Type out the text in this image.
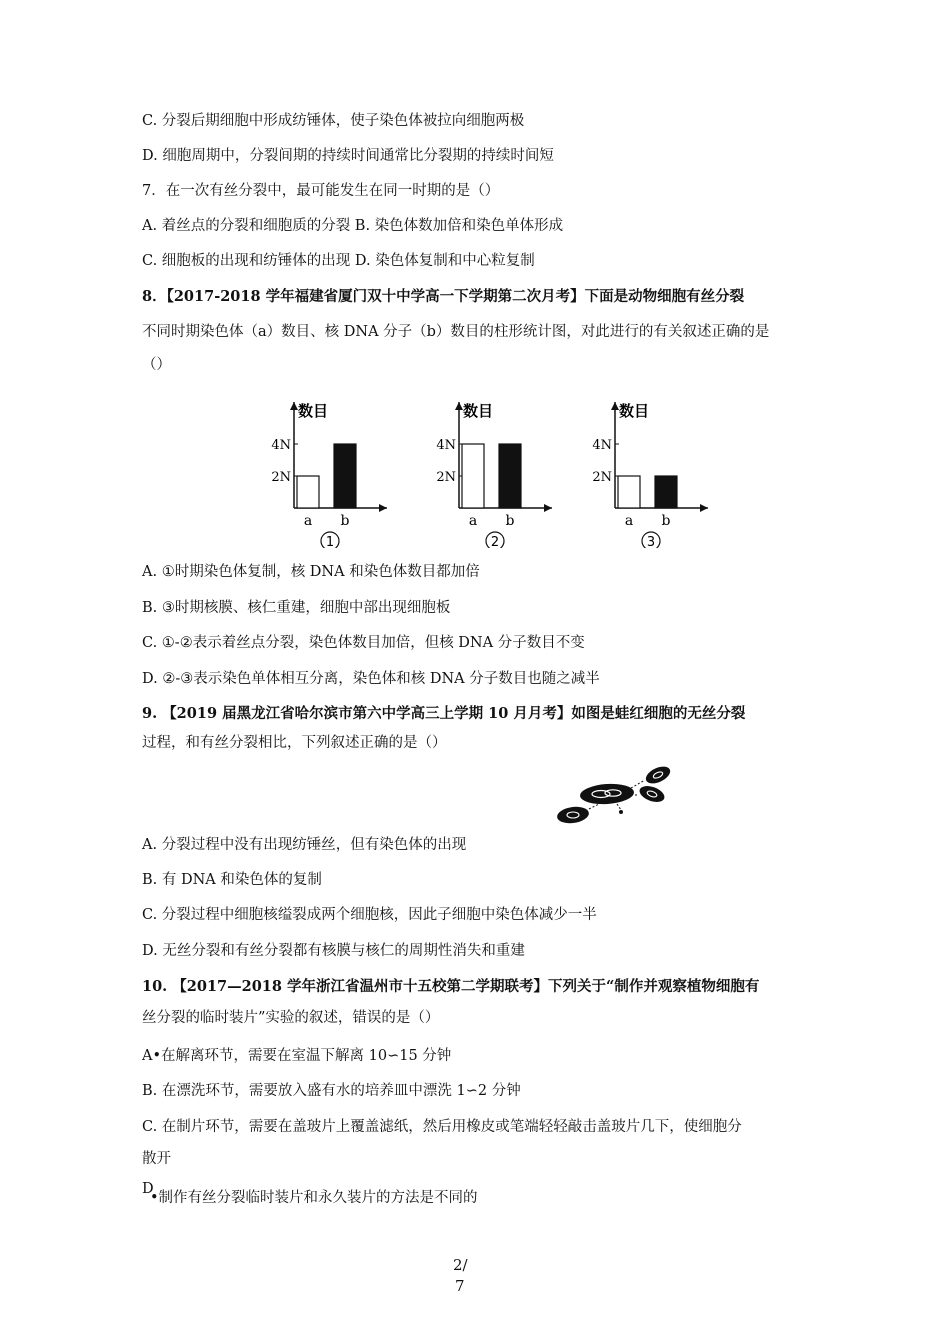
C. 分裂后期细胞中形成纺锤体，使子染色体被拉向细胞两极
D. 细胞周期中，分裂间期的持续时间通常比分裂期的持续时间短
7．在一次有丝分裂中，最可能发生在同一时期的是（）
A. 着丝点的分裂和细胞质的分裂 B. 染色体数加倍和染色单体形成
C. 细胞板的出现和纺锤体的出现 D. 染色体复制和中心粒复制
8．【2017-2018 学年福建省厦门双十中学高一下学期第二次月考】下面是动物细胞有丝分裂
不同时期染色体（a）数目、核 DNA 分子（b）数目的柱形统计图，对此进行的有关叙述正确的是
（）
数目
2N
4N
a b
1
数目
2N
4N
a b
2
数目
2N
4N
a b
3
A. ①时期染色体复制，核 DNA 和染色体数目都加倍
B. ③时期核膜、核仁重建，细胞中部出现细胞板
C. ①-②表示着丝点分裂，染色体数目加倍，但核 DNA 分子数目不变
D. ②-③表示染色单体相互分离，染色体和核 DNA 分子数目也随之减半
9. 【2019 届黑龙江省哈尔滨市第六中学高三上学期 10 月月考】如图是蛙红细胞的无丝分裂
过程，和有丝分裂相比，下列叙述正确的是（）
A. 分裂过程中没有出现纺锤丝，但有染色体的出现
B. 有 DNA 和染色体的复制
C. 分裂过程中细胞核缢裂成两个细胞核，因此子细胞中染色体减少一半
D. 无丝分裂和有丝分裂都有核膜与核仁的周期性消失和重建
10. 【2017—2018 学年浙江省温州市十五校第二学期联考】下列关于“制作并观察植物细胞有
丝分裂的临时装片”实验的叙述，错误的是（）
A•在解离环节，需要在室温下解离 10∽15 分钟
B. 在漂洗环节，需要放入盛有水的培养皿中漂洗 1∽2 分钟
C. 在制片环节，需要在盖玻片上覆盖滤纸，然后用橡皮或笔端轻轻敲击盖玻片几下，使细胞分
散开
D
•制作有丝分裂临时装片和永久装片的方法是不同的
2/
7
